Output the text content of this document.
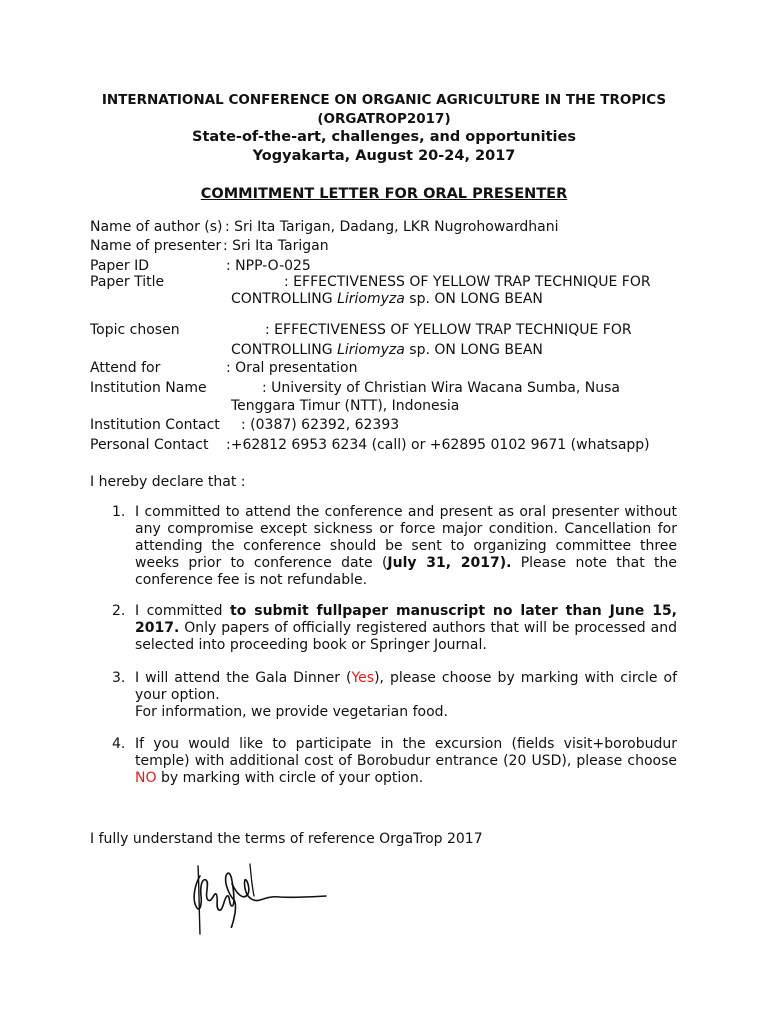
INTERNATIONAL CONFERENCE ON ORGANIC AGRICULTURE IN THE TROPICS
(ORGATROP2017)
State-of-the-art, challenges, and opportunities
Yogyakarta, August 20-24, 2017
COMMITMENT LETTER FOR ORAL PRESENTER
Name of author (s) : Sri Ita Tarigan, Dadang, LKR Nugrohowardhani
Name of presenter : Sri Ita Tarigan
Paper ID	: NPP-O-025
Paper Title	: EFFECTIVENESS OF YELLOW TRAP TECHNIQUE FOR
CONTROLLING Liriomyza sp. ON LONG BEAN
Topic chosen	: EFFECTIVENESS OF YELLOW TRAP TECHNIQUE FOR
CONTROLLING Liriomyza sp. ON LONG BEAN
Attend for	: Oral presentation
Institution Name	: University of Christian Wira Wacana Sumba, Nusa
Tenggara Timur (NTT), Indonesia
Institution Contact : (0387) 62392, 62393
Personal Contact :+62812 6953 6234 (call) or +62895 0102 9671 (whatsapp)
I hereby declare that :
1. I committed to attend the conference and present as oral presenter without any compromise except sickness or force major condition. Cancellation for attending the conference should be sent to organizing committee three weeks prior to conference date (July 31, 2017). Please note that the conference fee is not refundable.
2. I committed to submit fullpaper manuscript no later than June 15, 2017. Only papers of officially registered authors that will be processed and selected into proceeding book or Springer Journal.
3. I will attend the Gala Dinner (Yes), please choose by marking with circle of your option.
For information, we provide vegetarian food.
4. If you would like to participate in the excursion (fields visit+borobudur temple) with additional cost of Borobudur entrance (20 USD), please choose NO by marking with circle of your option.
I fully understand the terms of reference OrgaTrop 2017
